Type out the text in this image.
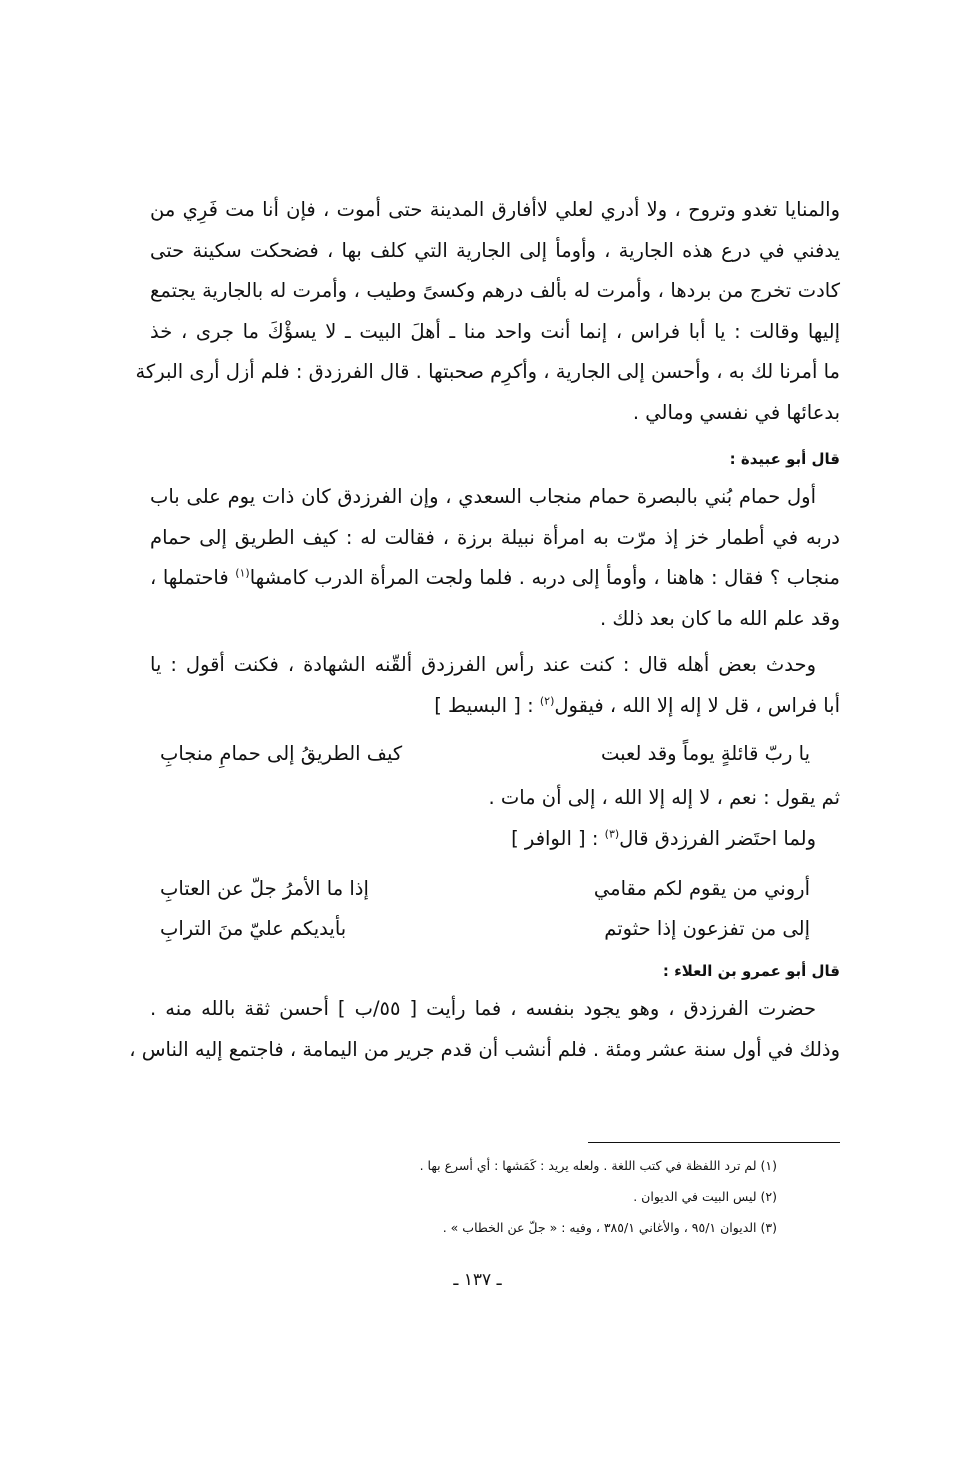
والمنايا تغدو وتروح ، ولا أدري لعلي لاأفارق المدينة حتى أموت ، فإن أنا مت فَرِي من
يدفني في درع هذه الجارية ، وأومأ إلى الجارية التي كلف بها ، فضحكت سكينة حتى
كادت تخرج من بردها ، وأمرت له بألف درهم وكسىً وطيب ، وأمرت له بالجارية يجتمع
إليها وقالت : يا أبا فراس ، إنما أنت واحد منا ـ أهلَ البيت ـ لا يسؤْكَ ما جرى ، خذ
ما أمرنا لك به ، وأحسن إلى الجارية ، وأكرِم صحبتها . قال الفرزدق : فلم أزل أرى البركة
بدعائها في نفسي ومالي .

قال أبو عبيدة :

أول حمام بُني بالبصرة حمام منجاب السعدي ، وإن الفرزدق كان ذات يوم على باب
دربه في أطمار خز إذ مرّت به امرأة نبيلة برزة ، فقالت له : كيف الطريق إلى حمام
منجاب ؟ فقال : هاهنا ، وأومأ إلى دربه . فلما ولجت المرأة الدرب كامشها$^{(١)}$ فاحتملها ،
وقد علم الله ما كان بعد ذلك .

وحدث بعض أهله قال : كنت عند رأس الفرزدق ألقّنه الشهادة ، فكنت أقول : يا
أبا فراس ، قل لا إله إلا الله ، فيقول$^{(٢)}$ : [ البسيط ]

يا ربّ قائلةٍ يوماً وقد لعبت
كيف الطريقُ إلى حمامِ منجابِ

ثم يقول : نعم ، لا إله إلا الله ، إلى أن مات .

ولما احتَضر الفرزدق قال$^{(٣)}$ : [ الوافر ]

أروني من يقوم لكم مقامي
إذا ما الأمرُ جلّ عن العتابِ
إلى من تفزعون إذا حثوتم
بأيديكم عليّ منَ الترابِ
قال أبو عمرو بن العلاء :

حضرت الفرزدق ، وهو يجود بنفسه ، فما رأيت [ ٥٥/ب ] أحسن ثقة بالله منه .
وذلك في أول سنة عشر ومئة . فلم أنشب أن قدم جرير من اليمامة ، فاجتمع إليه الناس ،

(١) لم ترد اللفظة في كتب اللغة . ولعله يريد : كَمَشها : أي أسرع بها .
(٢) ليس البيت في الديوان .
(٣) الديوان ٩٥/١ ، والأغاني ٣٨٥/١ ، وفيه : « جلّ عن الخطاب » .
ـ ١٣٧ ـ
